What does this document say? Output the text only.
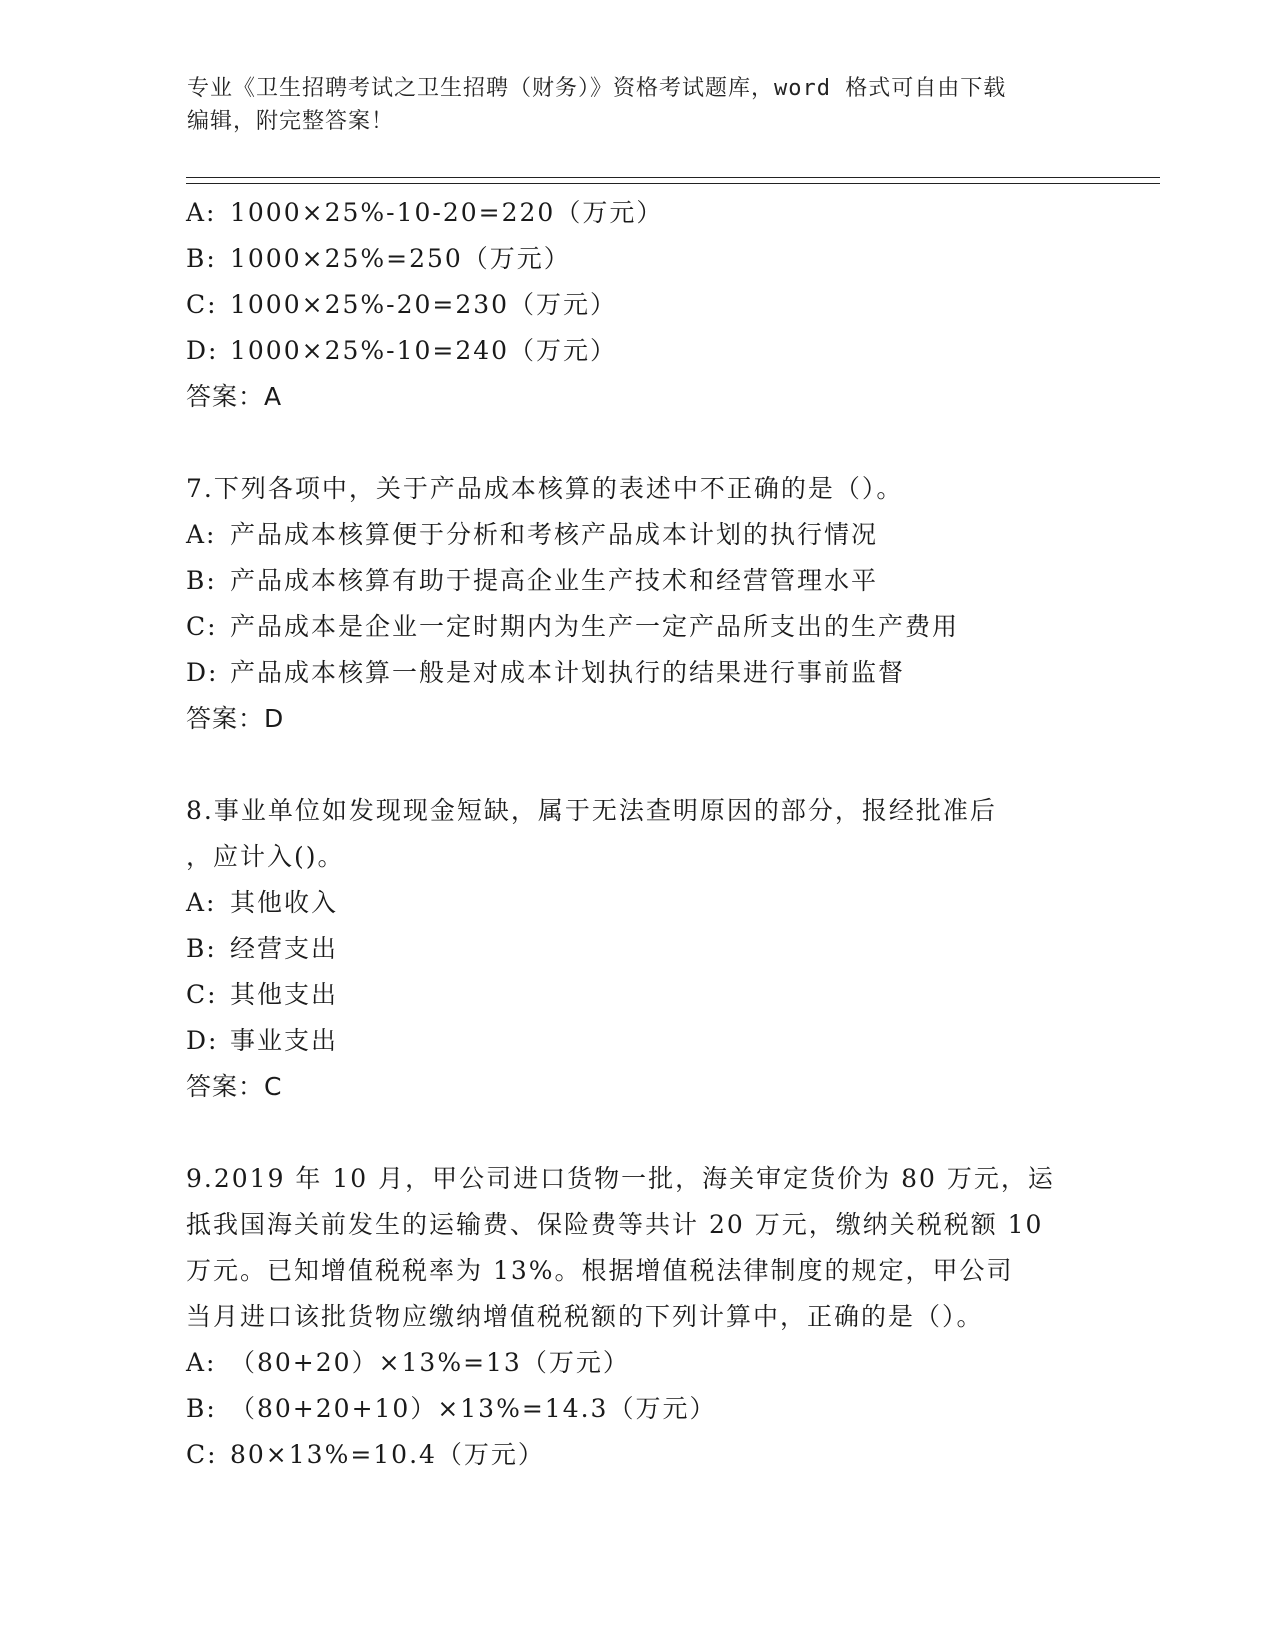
专业《卫生招聘考试之卫生招聘（财务）》资格考试题库，word 格式可自由下载
编辑，附完整答案！
A: 1000×25%-10-20=220（万元）
B: 1000×25%=250（万元）
C: 1000×25%-20=230（万元）
D: 1000×25%-10=240（万元）
答案：A
7.下列各项中，关于产品成本核算的表述中不正确的是（）。
A: 产品成本核算便于分析和考核产品成本计划的执行情况
B: 产品成本核算有助于提高企业生产技术和经营管理水平
C: 产品成本是企业一定时期内为生产一定产品所支出的生产费用
D: 产品成本核算一般是对成本计划执行的结果进行事前监督
答案：D
8.事业单位如发现现金短缺，属于无法查明原因的部分，报经批准后
，应计入()。
A: 其他收入
B: 经营支出
C: 其他支出
D: 事业支出
答案：C
9.2019 年 10 月，甲公司进口货物一批，海关审定货价为 80 万元，运
抵我国海关前发生的运输费、保险费等共计 20 万元，缴纳关税税额 10
万元。已知增值税税率为 13%。根据增值税法律制度的规定，甲公司
当月进口该批货物应缴纳增值税税额的下列计算中，正确的是（）。
A: （80+20）×13%=13（万元）
B: （80+20+10）×13%=14.3（万元）
C: 80×13%=10.4（万元）
